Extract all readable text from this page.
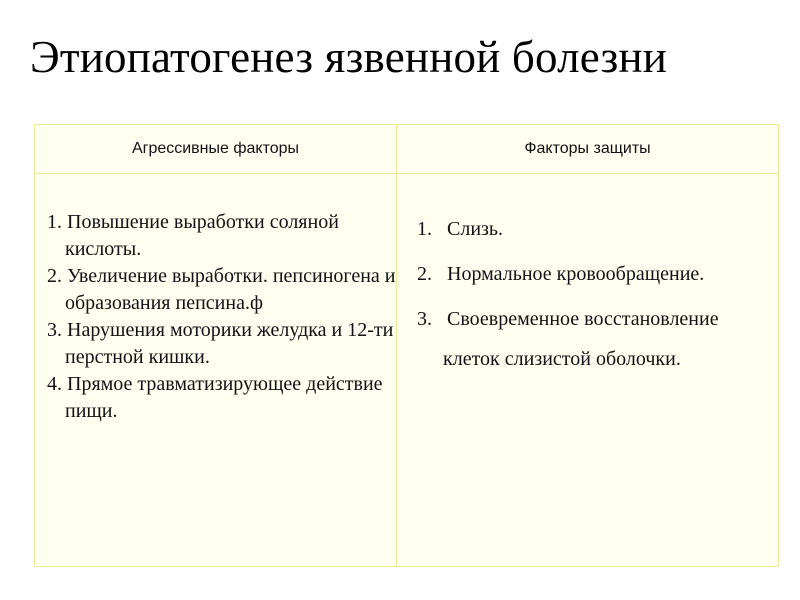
Этиопатогенез язвенной болезни
Агрессивные факторы	Факторы защиты
1. Повышение выработки соляной кислоты.
2. Увеличение выработки. пепсиногена и образования пепсина.ф
3. Нарушения моторики желудка и 12-ти перстной кишки.
4. Прямое травматизирующее действие пищи.
1.   Слизь.
2.   Нормальное кровообращение.
3.   Своевременное восстановление клеток слизистой оболочки.
